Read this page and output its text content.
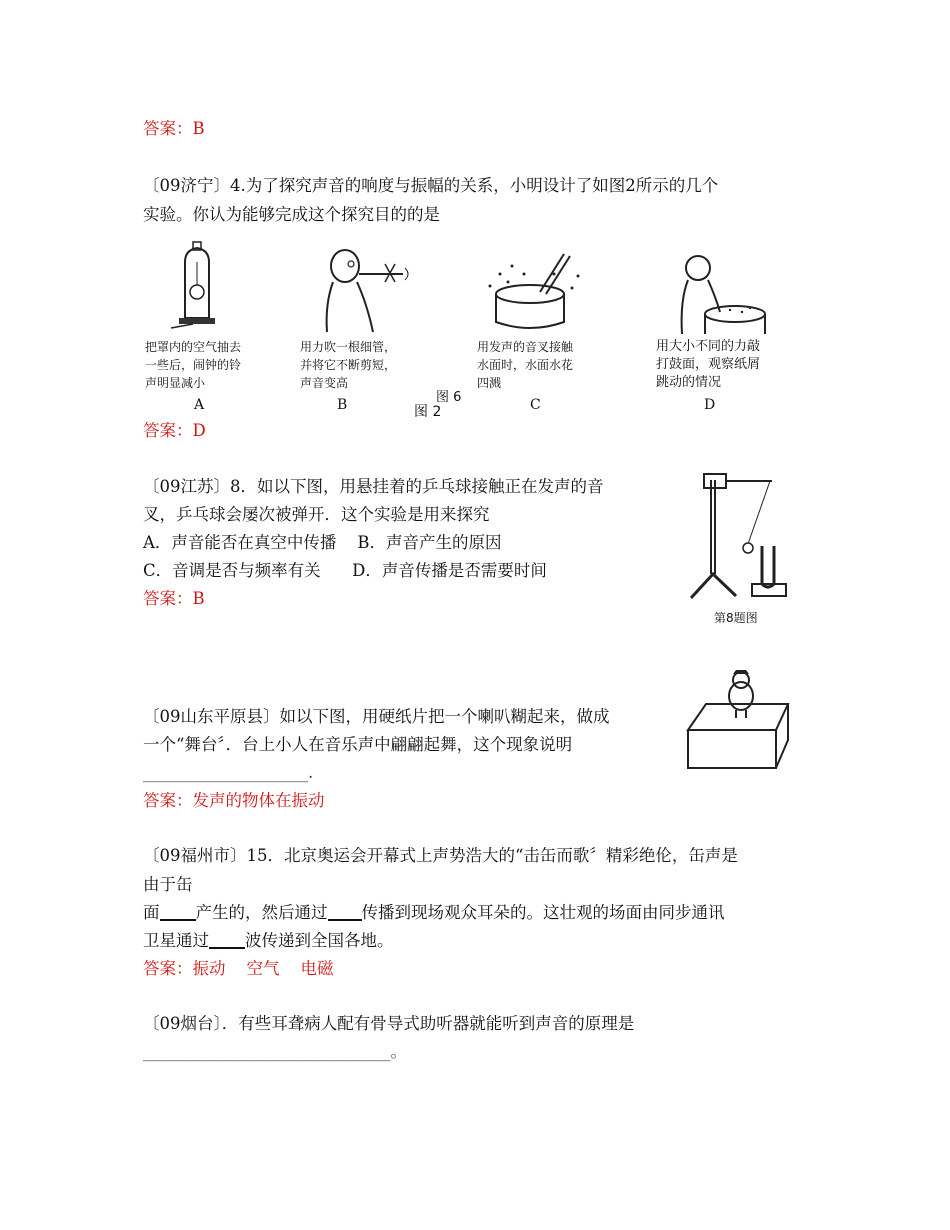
答案：B
〔09济宁〕4.为了探究声音的响度与振幅的关系，小明设计了如图2所示的几个
实验。你认为能够完成这个探究目的的是
把罩内的空气抽去
一些后，闹钟的铃
声明显减小
A
用力吹一根细管，
并将它不断剪短，
声音变高
B
用发声的音叉接触
水面时，水面水花
四溅
C
用大小不同的力敲
打鼓面，观察纸屑
跳动的情况
D
图 6
图 2
答案：D
〔09江苏〕8．如以下图，用悬挂着的乒乓球接触正在发声的音
叉，乒乓球会屡次被弹开．这个实验是用来探究
A．声音能否在真空中传播    B．声音产生的原因
C．音调是否与频率有关      D．声音传播是否需要时间
答案：B
第8题图
〔09山东平原县〕如以下图，用硬纸片把一个喇叭糊起来，做成
一个“舞台〞．台上小人在音乐声中翩翩起舞，这个现象说明
____________________.
答案：发声的物体在振动
〔09福州市〕15．北京奥运会开幕式上声势浩大的“击缶而歌〞精彩绝伦，缶声是
由于缶
面 产生的，然后通过 传播到现场观众耳朵的。这壮观的场面由同步通讯
卫星通过 波传递到全国各地。
答案：振动    空气    电磁
〔09烟台〕．有些耳聋病人配有骨导式助听器就能听到声音的原理是
______________________________。
